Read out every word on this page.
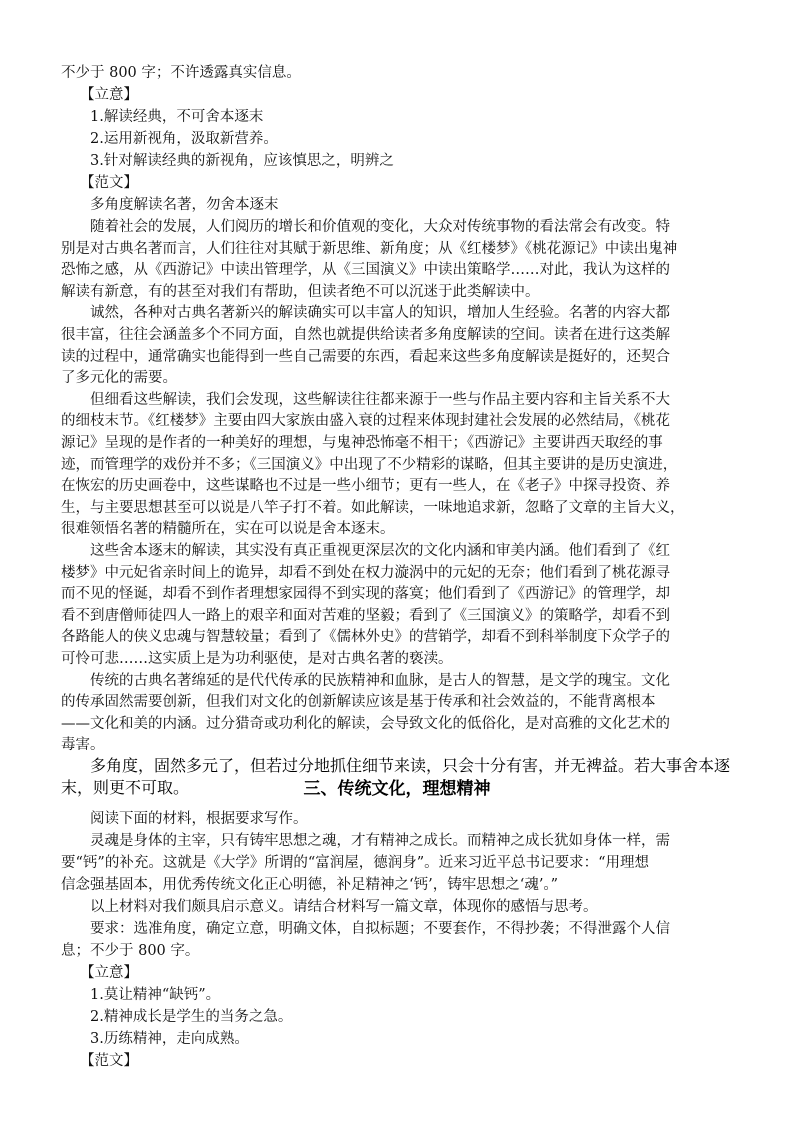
不少于 800 字；不许透露真实信息。
【立意】
1.解读经典，不可舍本逐末
2.运用新视角，汲取新营养。
3.针对解读经典的新视角，应该慎思之，明辨之
【范文】
多角度解读名著，勿舍本逐末
随着社会的发展，人们阅历的增长和价值观的变化，大众对传统事物的看法常会有改变。特
别是对古典名著而言，人们往往对其赋于新思维、新角度；从《红楼梦》《桃花源记》中读出鬼神
恐怖之感，从《西游记》中读出管理学，从《三国演义》中读出策略学……对此，我认为这样的
解读有新意，有的甚至对我们有帮助，但读者绝不可以沉迷于此类解读中。
诚然，各种对古典名著新兴的解读确实可以丰富人的知识，增加人生经验。名著的内容大都
很丰富，往往会涵盖多个不同方面，自然也就提供给读者多角度解读的空间。读者在进行这类解
读的过程中，通常确实也能得到一些自己需要的东西，看起来这些多角度解读是挺好的，还契合
了多元化的需要。
但细看这些解读，我们会发现，这些解读往往都来源于一些与作品主要内容和主旨关系不大
的细枝末节。《红楼梦》主要由四大家族由盛入衰的过程来体现封建社会发展的必然结局，《桃花
源记》呈现的是作者的一种美好的理想，与鬼神恐怖毫不相干；《西游记》主要讲西天取经的事
迹，而管理学的戏份并不多；《三国演义》中出现了不少精彩的谋略，但其主要讲的是历史演进，
在恢宏的历史画卷中，这些谋略也不过是一些小细节；更有一些人，在《老子》中探寻投资、养
生，与主要思想甚至可以说是八竿子打不着。如此解读，一味地追求新，忽略了文章的主旨大义，
很难领悟名著的精髓所在，实在可以说是舍本逐末。
这些舍本逐末的解读，其实没有真正重视更深层次的文化内涵和审美内涵。他们看到了《红
楼梦》中元妃省亲时间上的诡异，却看不到处在权力漩涡中的元妃的无奈；他们看到了桃花源寻
而不见的怪诞，却看不到作者理想家园得不到实现的落寞；他们看到了《西游记》的管理学，却
看不到唐僧师徒四人一路上的艰辛和面对苦难的坚毅；看到了《三国演义》的策略学，却看不到
各路能人的侠义忠魂与智慧较量；看到了《儒林外史》的营销学，却看不到科举制度下众学子的
可怜可悲……这实质上是为功利驱使，是对古典名著的亵渎。
传统的古典名著绵延的是代代传承的民族精神和血脉，是古人的智慧，是文学的瑰宝。文化
的传承固然需要创新，但我们对文化的创新解读应该是基于传承和社会效益的，不能背离根本
——文化和美的内涵。过分猎奇或功利化的解读，会导致文化的低俗化，是对高雅的文化艺术的
毒害。
三、传统文化，理想精神
阅读下面的材料，根据要求写作。
灵魂是身体的主宰，只有铸牢思想之魂，才有精神之成长。而精神之成长犹如身体一样，需
要“钙”的补充。这就是《大学》所谓的“富润屋，德润身”。近来习近平总书记要求：“用理想
信念强基固本，用优秀传统文化正心明德，补足精神之‘钙’，铸牢思想之‘魂’。”
以上材料对我们颇具启示意义。请结合材料写一篇文章，体现你的感悟与思考。
要求：选准角度，确定立意，明确文体，自拟标题；不要套作，不得抄袭；不得泄露个人信
息；不少于 800 字。
【立意】
1.莫让精神“缺钙”。
2.精神成长是学生的当务之急。
3.历练精神，走向成熟。
【范文】
多角度，固然多元了，但若过分地抓住细节来读，只会十分有害，并无裨益。若大事舍本逐
末，则更不可取。
